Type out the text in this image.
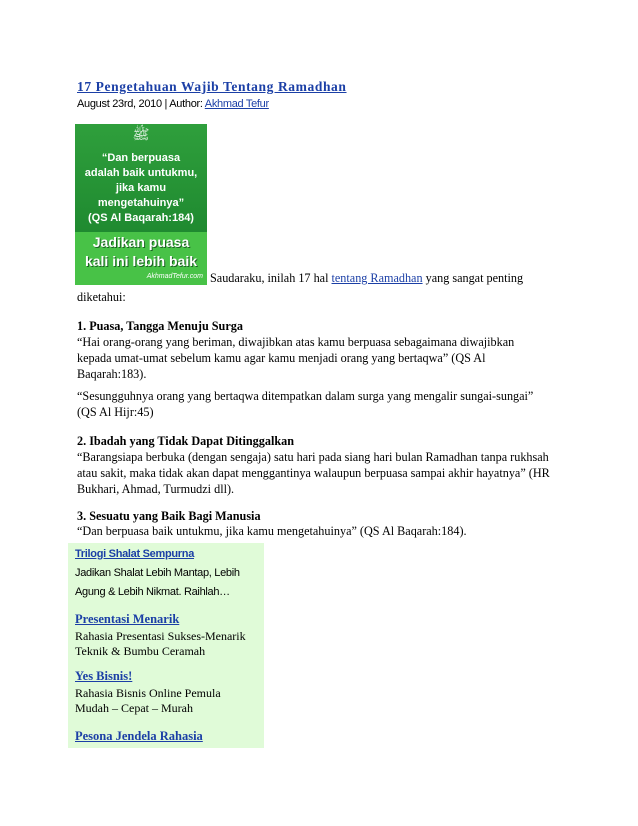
17 Pengetahuan Wajib Tentang Ramadhan
August 23rd, 2010 | Author: Akhmad Tefur
ﷺ
“Dan berpuasa
adalah baik untukmu,
jika kamu
mengetahuinya”
(QS Al Baqarah:184)
Jadikan puasa
kali ini lebih baik
AkhmadTefur.com Saudaraku, inilah 17 hal tentang Ramadhan yang sangat penting
diketahui:
1. Puasa, Tangga Menuju Surga
“Hai orang-orang yang beriman, diwajibkan atas kamu berpuasa sebagaimana diwajibkan
kepada umat-umat sebelum kamu agar kamu menjadi orang yang bertaqwa” (QS Al
Baqarah:183).
“Sesungguhnya orang yang bertaqwa ditempatkan dalam surga yang mengalir sungai-sungai”
(QS Al Hijr:45)
2. Ibadah yang Tidak Dapat Ditinggalkan
“Barangsiapa berbuka (dengan sengaja) satu hari pada siang hari bulan Ramadhan tanpa rukhsah
atau sakit, maka tidak akan dapat menggantinya walaupun berpuasa sampai akhir hayatnya” (HR
Bukhari, Ahmad, Turmudzi dll).
3. Sesuatu yang Baik Bagi Manusia
“Dan berpuasa baik untukmu, jika kamu mengetahuinya” (QS Al Baqarah:184).
Trilogi Shalat Sempurna
Jadikan Shalat Lebih Mantap, Lebih
Agung & Lebih Nikmat. Raihlah…
Presentasi Menarik
Rahasia Presentasi Sukses-Menarik
Teknik & Bumbu Ceramah
Yes Bisnis!
Rahasia Bisnis Online Pemula
Mudah – Cepat – Murah
Pesona Jendela Rahasia
